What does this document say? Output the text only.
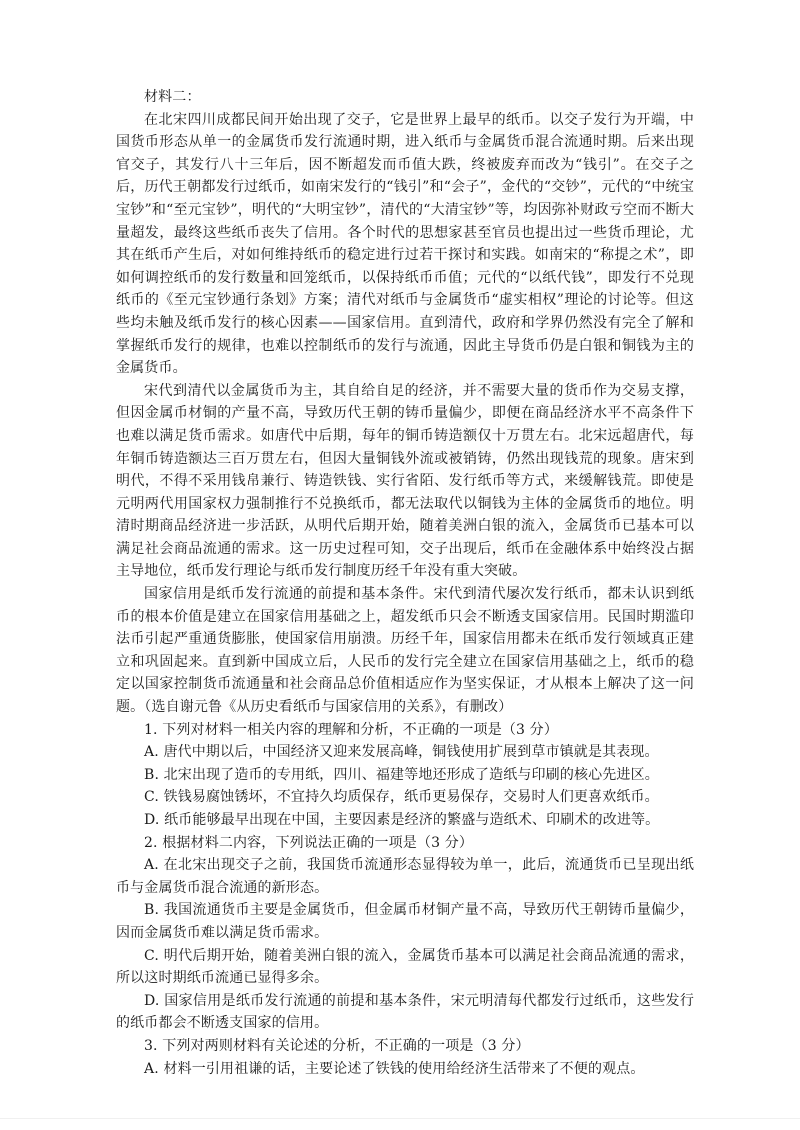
材料二：

在北宋四川成都民间开始出现了交子，它是世界上最早的纸币。以交子发行为开端，中国货币形态从单一的金属货币发行流通时期，进入纸币与金属货币混合流通时期。后来出现官交子，其发行八十三年后，因不断超发而币值大跌，终被废弃而改为“钱引”。在交子之后，历代王朝都发行过纸币，如南宋发行的“钱引”和“会子”，金代的“交钞”，元代的“中统宝宝钞”和“至元宝钞”，明代的“大明宝钞”，清代的“大清宝钞”等，均因弥补财政亏空而不断大量超发，最终这些纸币丧失了信用。各个时代的思想家甚至官员也提出过一些货币理论，尤其在纸币产生后，对如何维持纸币的稳定进行过若干探讨和实践。如南宋的“称提之术”，即如何调控纸币的发行数量和回笼纸币，以保持纸币币值；元代的“以纸代钱”，即发行不兑现纸币的《至元宝钞通行条划》方案；清代对纸币与金属货币“虚实相权”理论的讨论等。但这些均未触及纸币发行的核心因素——国家信用。直到清代，政府和学界仍然没有完全了解和掌握纸币发行的规律，也难以控制纸币的发行与流通，因此主导货币仍是白银和铜钱为主的金属货币。

宋代到清代以金属货币为主，其自给自足的经济，并不需要大量的货币作为交易支撑，但因金属币材铜的产量不高，导致历代王朝的铸币量偏少，即便在商品经济水平不高条件下也难以满足货币需求。如唐代中后期，每年的铜币铸造额仅十万贯左右。北宋远超唐代，每年铜币铸造额达三百万贯左右，但因大量铜钱外流或被销铸，仍然出现钱荒的现象。唐宋到明代，不得不采用钱帛兼行、铸造铁钱、实行省陌、发行纸币等方式，来缓解钱荒。即使是元明两代用国家权力强制推行不兑换纸币，都无法取代以铜钱为主体的金属货币的地位。明清时期商品经济进一步活跃，从明代后期开始，随着美洲白银的流入，金属货币已基本可以满足社会商品流通的需求。这一历史过程可知，交子出现后，纸币在金融体系中始终没占据主导地位，纸币发行理论与纸币发行制度历经千年没有重大突破。

国家信用是纸币发行流通的前提和基本条件。宋代到清代屡次发行纸币，都未认识到纸币的根本价值是建立在国家信用基础之上，超发纸币只会不断透支国家信用。民国时期滥印法币引起严重通货膨胀，使国家信用崩溃。历经千年，国家信用都未在纸币发行领域真正建立和巩固起来。直到新中国成立后，人民币的发行完全建立在国家信用基础之上，纸币的稳定以国家控制货币流通量和社会商品总价值相适应作为坚实保证，才从根本上解决了这一问题。（选自谢元鲁《从历史看纸币与国家信用的关系》，有删改）

1. 下列对材料一相关内容的理解和分析，不正确的一项是（3 分）

A. 唐代中期以后，中国经济又迎来发展高峰，铜钱使用扩展到草市镇就是其表现。

B. 北宋出现了造币的专用纸，四川、福建等地还形成了造纸与印刷的核心先进区。

C. 铁钱易腐蚀锈坏，不宜持久均质保存，纸币更易保存，交易时人们更喜欢纸币。

D. 纸币能够最早出现在中国，主要因素是经济的繁盛与造纸术、印刷术的改进等。

2. 根据材料二内容，下列说法正确的一项是（3 分）

A. 在北宋出现交子之前，我国货币流通形态显得较为单一，此后，流通货币已呈现出纸币与金属货币混合流通的新形态。

B. 我国流通货币主要是金属货币，但金属币材铜产量不高，导致历代王朝铸币量偏少，因而金属货币难以满足货币需求。

C. 明代后期开始，随着美洲白银的流入，金属货币基本可以满足社会商品流通的需求，所以这时期纸币流通已显得多余。

D. 国家信用是纸币发行流通的前提和基本条件，宋元明清每代都发行过纸币，这些发行的纸币都会不断透支国家的信用。

3. 下列对两则材料有关论述的分析，不正确的一项是（3 分）

A. 材料一引用祖谦的话，主要论述了铁钱的使用给经济生活带来了不便的观点。
